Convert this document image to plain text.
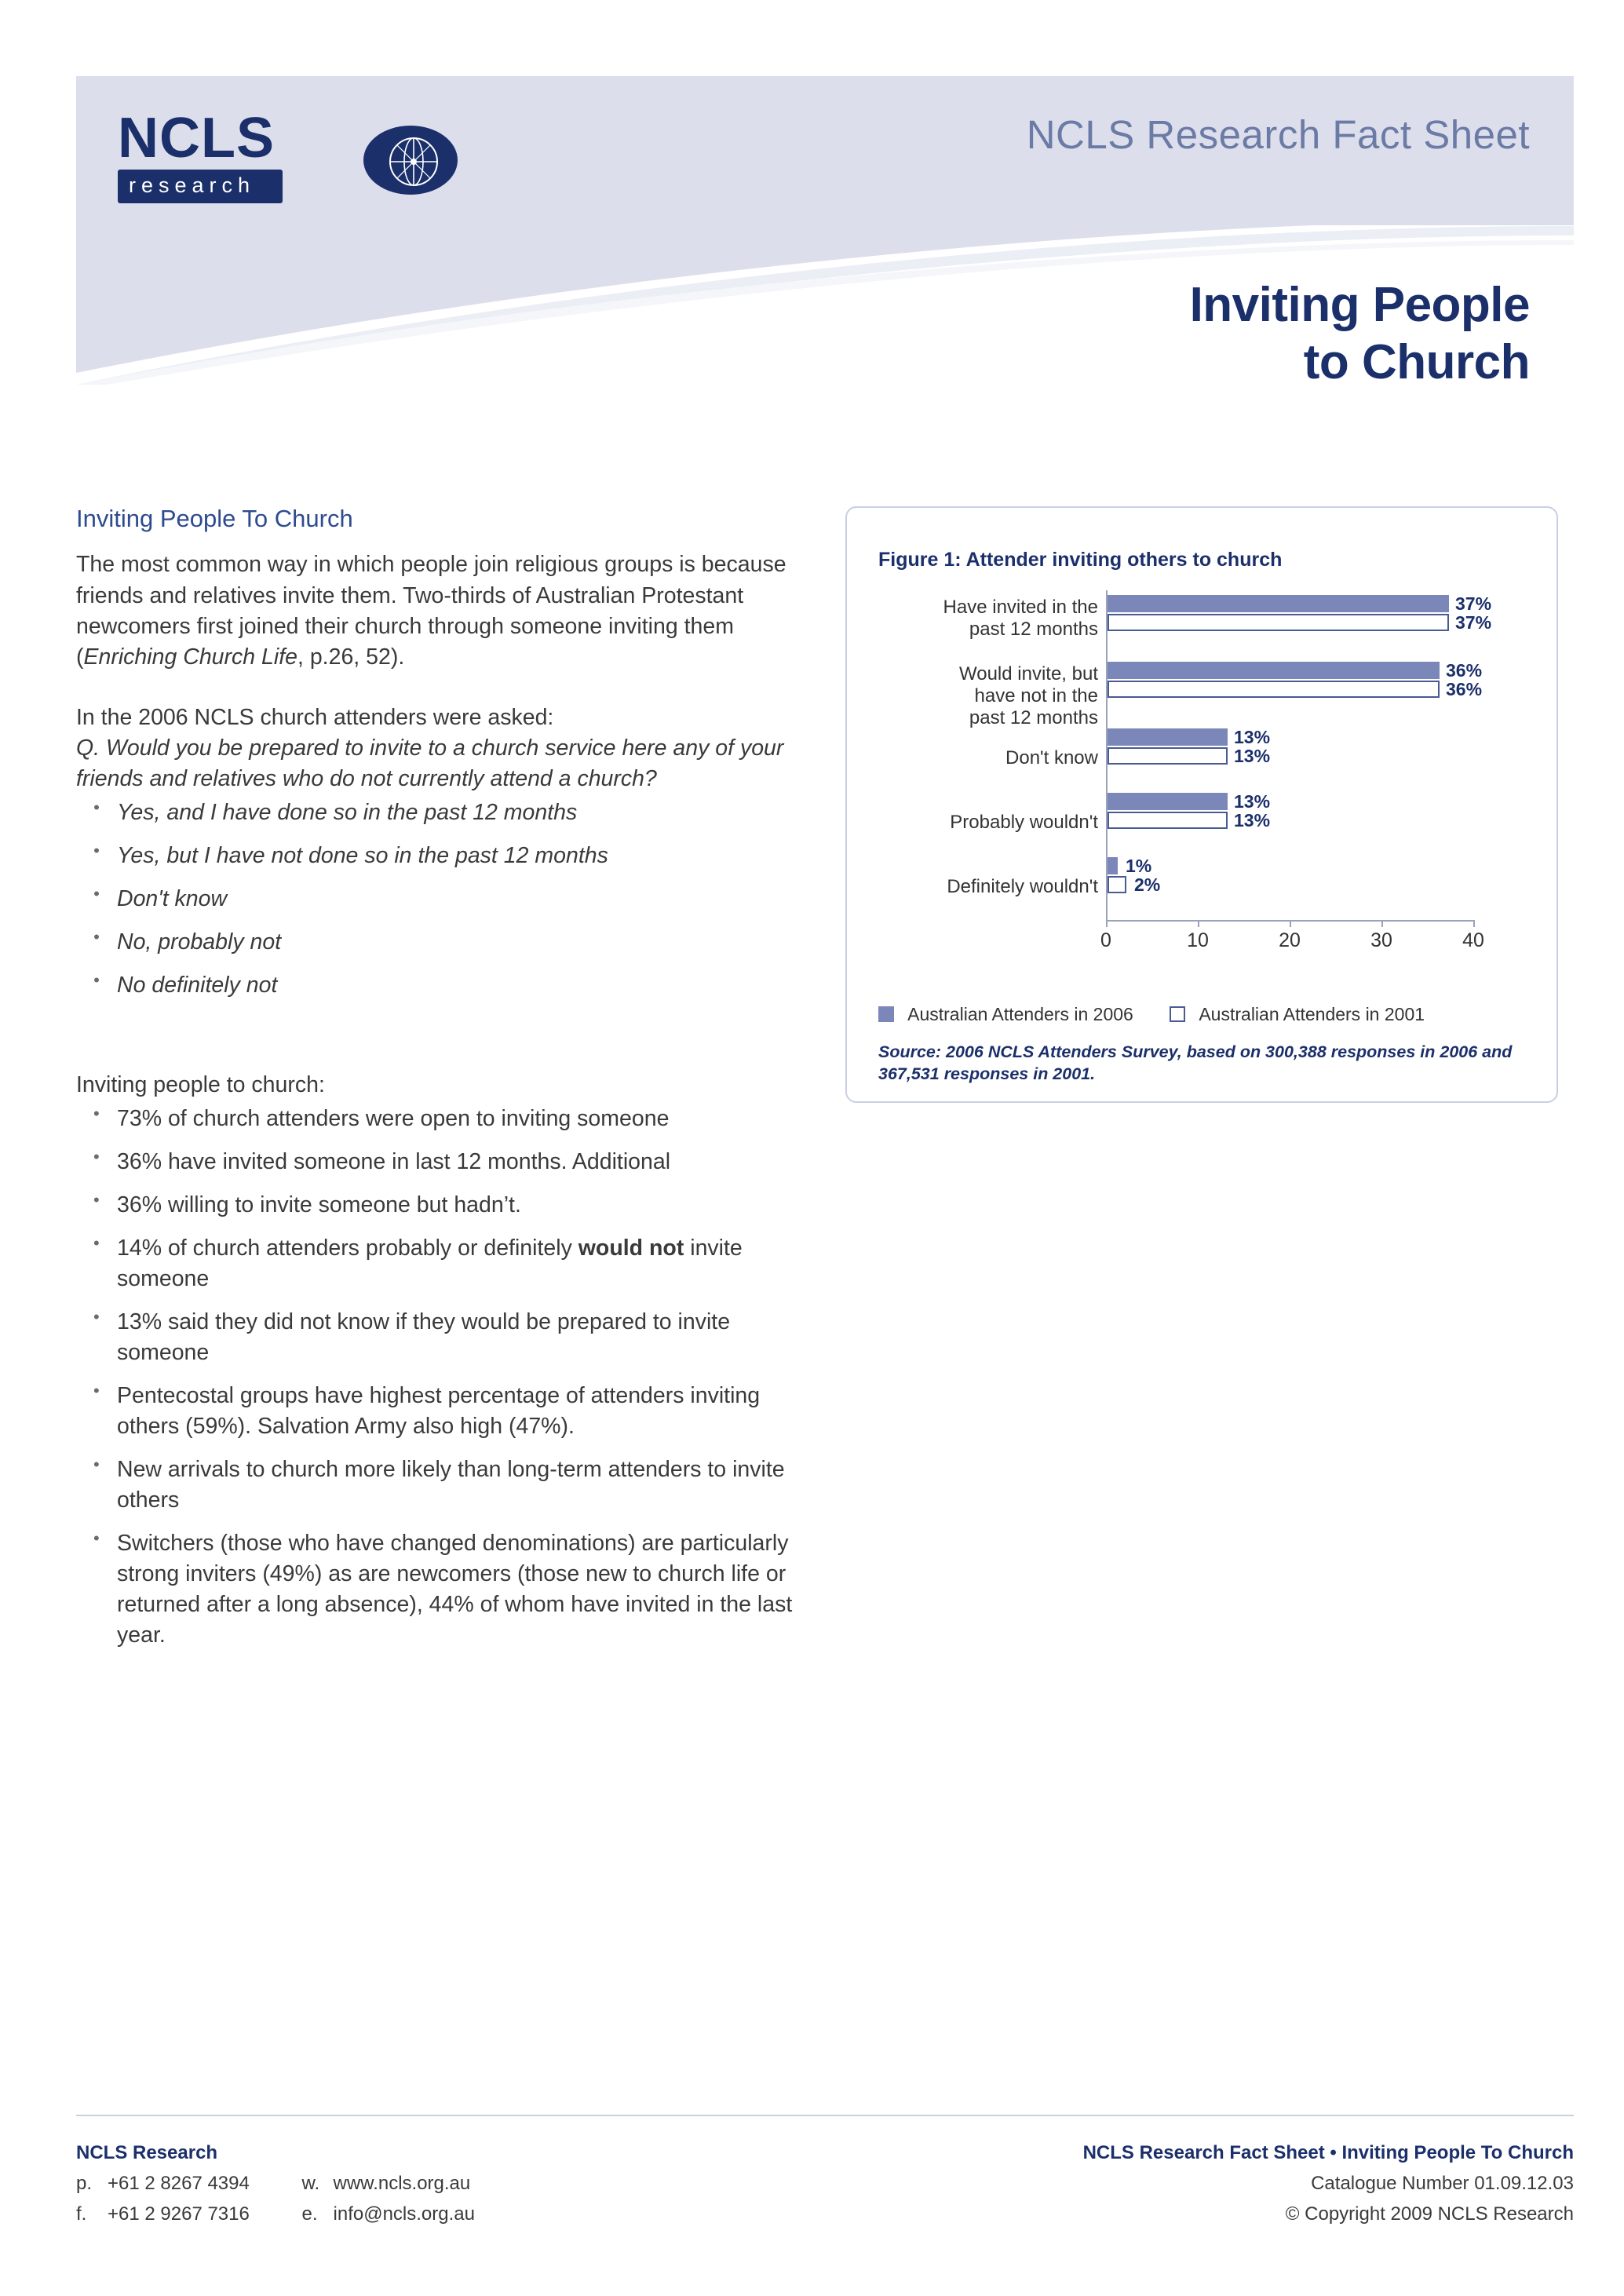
NCLS
research
NCLS Research Fact Sheet
Inviting People
to Church
Inviting People To Church

The most common way in which people join religious groups is because friends and relatives invite them. Two-thirds of Australian Protestant newcomers first joined their church through someone inviting them (Enriching Church Life, p.26, 52).

In the 2006 NCLS church attenders were asked:

Q. Would you be prepared to invite to a church service here any of your friends and relatives who do not currently attend a church?

• Yes, and I have done so in the past 12 months
• Yes, but I have not done so in the past 12 months
• Don't know
• No, probably not
• No definitely not

Inviting people to church:

• 73% of church attenders were open to inviting someone
• 36% have invited someone in last 12 months. Additional
• 36% willing to invite someone but hadn’t.
• 14% of church attenders probably or definitely would not invite someone
• 13% said they did not know if they would be prepared to invite someone
• Pentecostal groups have highest percentage of attenders inviting others (59%). Salvation Army also high (47%).
• New arrivals to church more likely than long-term attenders to invite others
• Switchers (those who have changed denominations) are particularly strong inviters (49%) as are newcomers (those new to church life or returned after a long absence), 44% of whom have invited in the last year.
Figure 1: Attender inviting others to church
Have invited in the
past 12 months
Would invite, but
have not in the
past 12 months
Don't know
Probably wouldn't
Definitely wouldn't
37%
37%
36%
36%
13%
13%
13%
13%
1%
2%
0	10	20	30	40
Australian Attenders in 2006	Australian Attenders in 2001
Source: 2006 NCLS Attenders Survey, based on 300,388 responses in 2006 and 367,531 responses in 2001.
NCLS Research
p. +61 2 8267 4394	w. www.ncls.org.au
f. +61 2 9267 7316	e. info@ncls.org.au
NCLS Research Fact Sheet • Inviting People To Church
Catalogue Number 01.09.12.03
© Copyright 2009 NCLS Research
